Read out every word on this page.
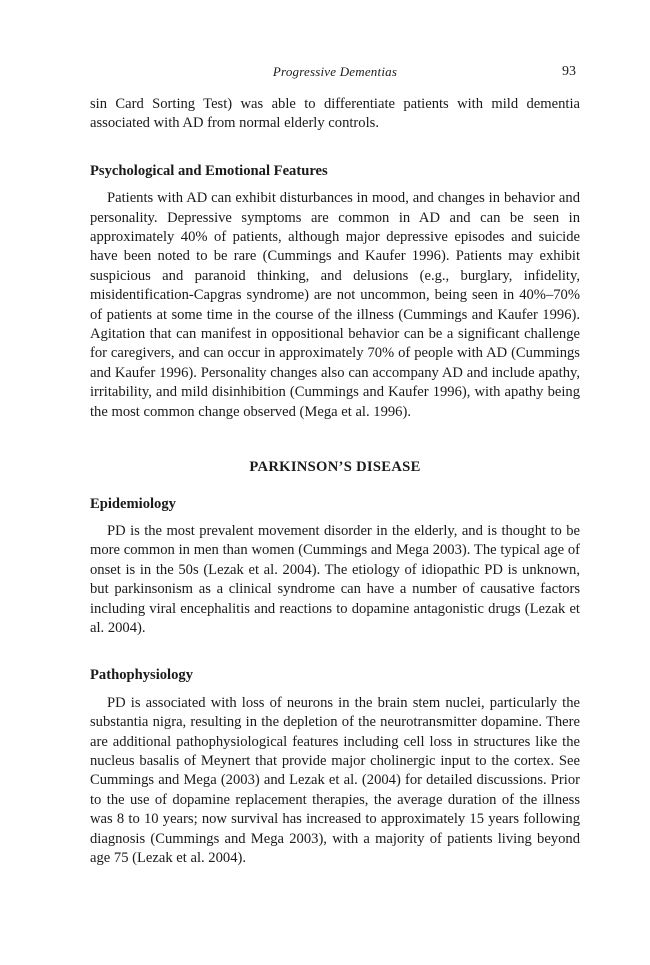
Progressive Dementias	93

sin Card Sorting Test) was able to differentiate patients with mild dementia associated with AD from normal elderly controls.

Psychological and Emotional Features

Patients with AD can exhibit disturbances in mood, and changes in behavior and personality. Depressive symptoms are common in AD and can be seen in approximately 40% of patients, although major depressive episodes and suicide have been noted to be rare (Cummings and Kaufer 1996). Patients may exhibit suspicious and paranoid thinking, and delusions (e.g., burglary, infidelity, misidentification-Capgras syndrome) are not uncommon, being seen in 40%–70% of patients at some time in the course of the illness (Cummings and Kaufer 1996). Agitation that can manifest in oppositional behavior can be a significant challenge for caregivers, and can occur in approximately 70% of people with AD (Cummings and Kaufer 1996). Personality changes also can accompany AD and include apathy, irritability, and mild disinhibition (Cummings and Kaufer 1996), with apathy being the most common change observed (Mega et al. 1996).

PARKINSON’S DISEASE
Epidemiology

PD is the most prevalent movement disorder in the elderly, and is thought to be more common in men than women (Cummings and Mega 2003). The typical age of onset is in the 50s (Lezak et al. 2004). The etiology of idiopathic PD is unknown, but parkinsonism as a clinical syndrome can have a number of causative factors including viral encephalitis and reactions to dopamine antagonistic drugs (Lezak et al. 2004).

Pathophysiology

PD is associated with loss of neurons in the brain stem nuclei, particularly the substantia nigra, resulting in the depletion of the neurotransmitter dopamine. There are additional pathophysiological features including cell loss in structures like the nucleus basalis of Meynert that provide major cholinergic input to the cortex. See Cummings and Mega (2003) and Lezak et al. (2004) for detailed discussions. Prior to the use of dopamine replacement therapies, the average duration of the illness was 8 to 10 years; now survival has increased to approximately 15 years following diagnosis (Cummings and Mega 2003), with a majority of patients living beyond age 75 (Lezak et al. 2004).
